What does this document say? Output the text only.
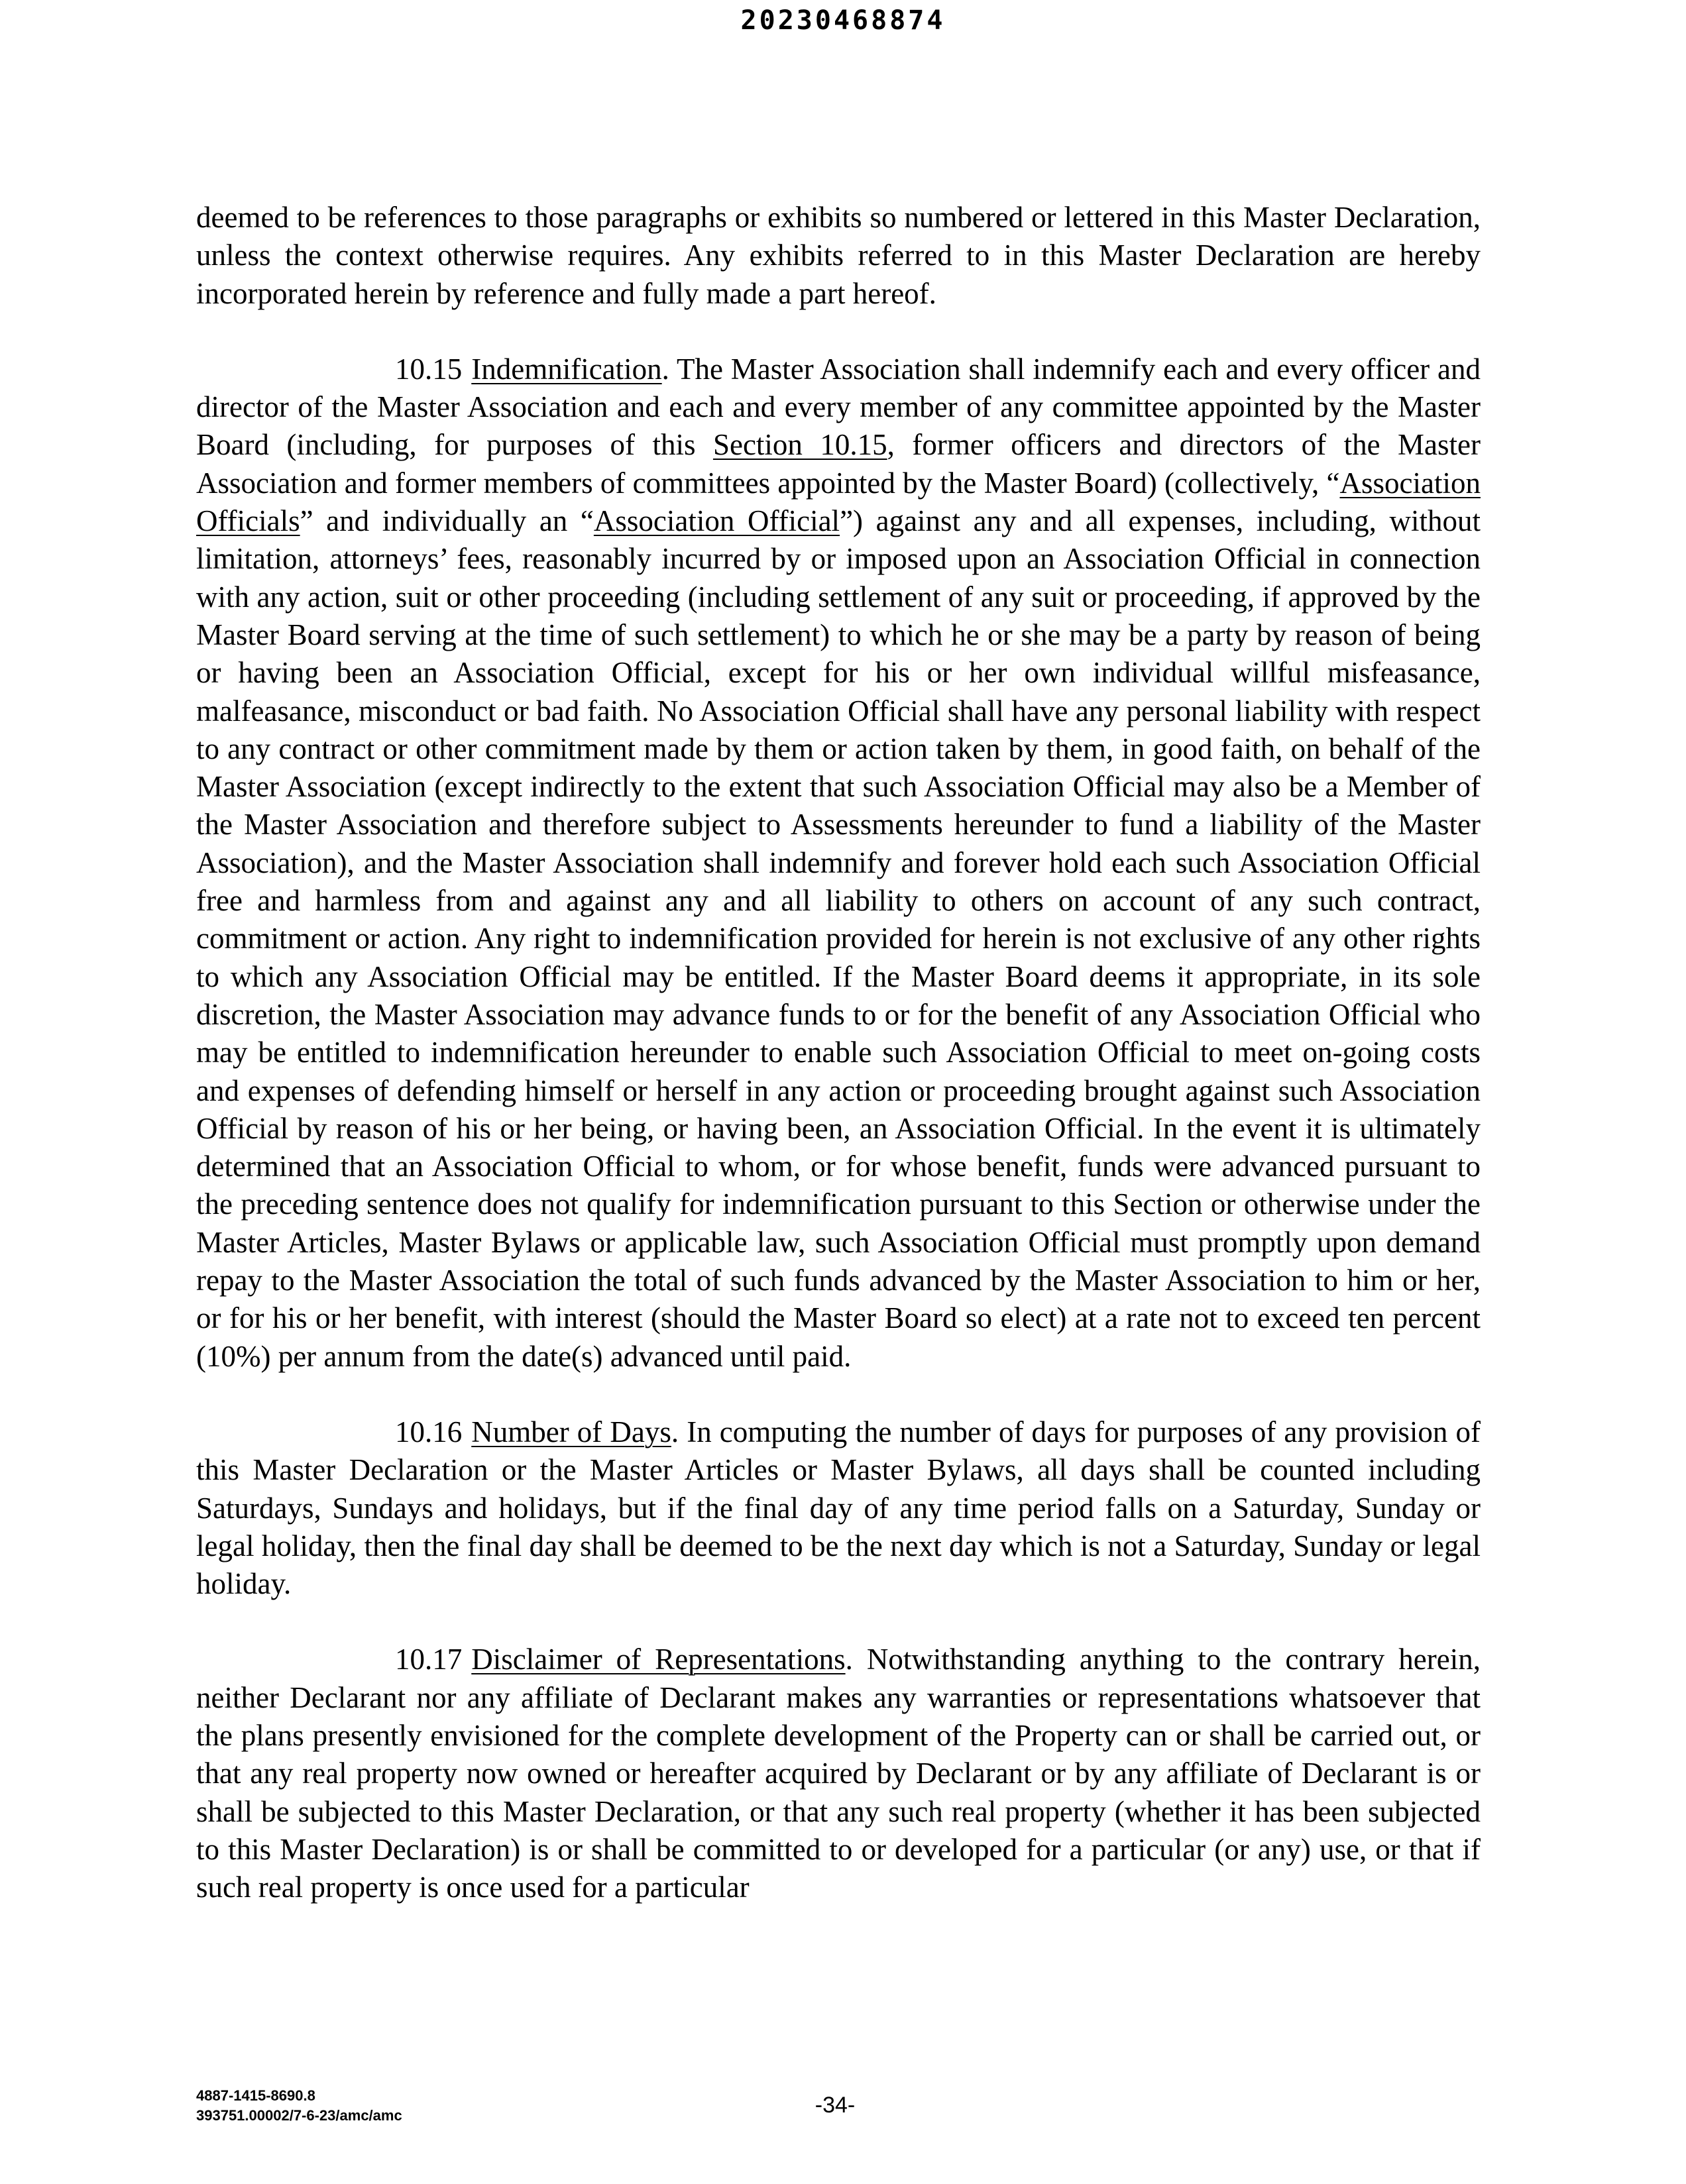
20230468874

deemed to be references to those paragraphs or exhibits so numbered or lettered in this Master Declaration, unless the context otherwise requires. Any exhibits referred to in this Master Declaration are hereby incorporated herein by reference and fully made a part hereof.

10.15 Indemnification. The Master Association shall indemnify each and every officer and director of the Master Association and each and every member of any committee appointed by the Master Board (including, for purposes of this Section 10.15, former officers and directors of the Master Association and former members of committees appointed by the Master Board) (collectively, “Association Officials” and individually an “Association Official”) against any and all expenses, including, without limitation, attorneys’ fees, reasonably incurred by or imposed upon an Association Official in connection with any action, suit or other proceeding (including settlement of any suit or proceeding, if approved by the Master Board serving at the time of such settlement) to which he or she may be a party by reason of being or having been an Association Official, except for his or her own individual willful misfeasance, malfeasance, misconduct or bad faith. No Association Official shall have any personal liability with respect to any contract or other commitment made by them or action taken by them, in good faith, on behalf of the Master Association (except indirectly to the extent that such Association Official may also be a Member of the Master Association and therefore subject to Assessments hereunder to fund a liability of the Master Association), and the Master Association shall indemnify and forever hold each such Association Official free and harmless from and against any and all liability to others on account of any such contract, commitment or action. Any right to indemnification provided for herein is not exclusive of any other rights to which any Association Official may be entitled. If the Master Board deems it appropriate, in its sole discretion, the Master Association may advance funds to or for the benefit of any Association Official who may be entitled to indemnification hereunder to enable such Association Official to meet on-going costs and expenses of defending himself or herself in any action or proceeding brought against such Association Official by reason of his or her being, or having been, an Association Official. In the event it is ultimately determined that an Association Official to whom, or for whose benefit, funds were advanced pursuant to the preceding sentence does not qualify for indemnification pursuant to this Section or otherwise under the Master Articles, Master Bylaws or applicable law, such Association Official must promptly upon demand repay to the Master Association the total of such funds advanced by the Master Association to him or her, or for his or her benefit, with interest (should the Master Board so elect) at a rate not to exceed ten percent (10%) per annum from the date(s) advanced until paid.

10.16 Number of Days. In computing the number of days for purposes of any provision of this Master Declaration or the Master Articles or Master Bylaws, all days shall be counted including Saturdays, Sundays and holidays, but if the final day of any time period falls on a Saturday, Sunday or legal holiday, then the final day shall be deemed to be the next day which is not a Saturday, Sunday or legal holiday.

10.17 Disclaimer of Representations. Notwithstanding anything to the contrary herein, neither Declarant nor any affiliate of Declarant makes any warranties or representations whatsoever that the plans presently envisioned for the complete development of the Property can or shall be carried out, or that any real property now owned or hereafter acquired by Declarant or by any affiliate of Declarant is or shall be subjected to this Master Declaration, or that any such real property (whether it has been subjected to this Master Declaration) is or shall be committed to or developed for a particular (or any) use, or that if such real property is once used for a particular

4887-1415-8690.8
393751.00002/7-6-23/amc/amc	-34-
